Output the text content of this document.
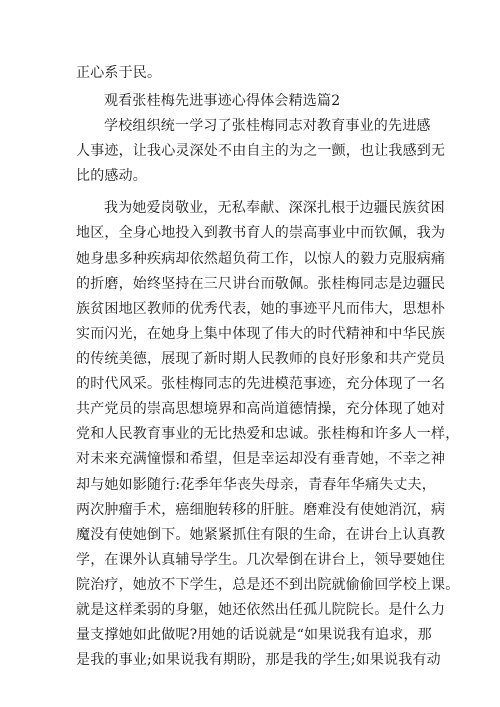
正心系于民。
观看张桂梅先进事迹心得体会精选篇2
学校组织统一学习了张桂梅同志对教育事业的先进感
人事迹，让我心灵深处不由自主的为之一颤，也让我感到无
比的感动。
我为她爱岗敬业，无私奉献、深深扎根于边疆民族贫困
地区，全身心地投入到教书育人的崇高事业中而钦佩，我为
她身患多种疾病却依然超负荷工作，以惊人的毅力克服病痛
的折磨，始终坚持在三尺讲台而敬佩。张桂梅同志是边疆民
族贫困地区教师的优秀代表，她的事迹平凡而伟大，思想朴
实而闪光，在她身上集中体现了伟大的时代精神和中华民族
的传统美德，展现了新时期人民教师的良好形象和共产党员
的时代风采。张桂梅同志的先进模范事迹，充分体现了一名
共产党员的崇高思想境界和高尚道德情操，充分体现了她对
党和人民教育事业的无比热爱和忠诚。张桂梅和许多人一样，
对未来充满憧憬和希望，但是幸运却没有垂青她，不幸之神
却与她如影随行:花季年华丧失母亲，青春年华痛失丈夫，
两次肿瘤手术，癌细胞转移的肝脏。磨难没有使她消沉，病
魔没有使她倒下。她紧紧抓住有限的生命，在讲台上认真教
学，在课外认真辅导学生。几次晕倒在讲台上，领导要她住
院治疗，她放不下学生，总是还不到出院就偷偷回学校上课。
就是这样柔弱的身躯，她还依然出任孤儿院院长。是什么力
量支撑她如此做呢?用她的话说就是“如果说我有追求，那
是我的事业;如果说我有期盼，那是我的学生;如果说我有动
